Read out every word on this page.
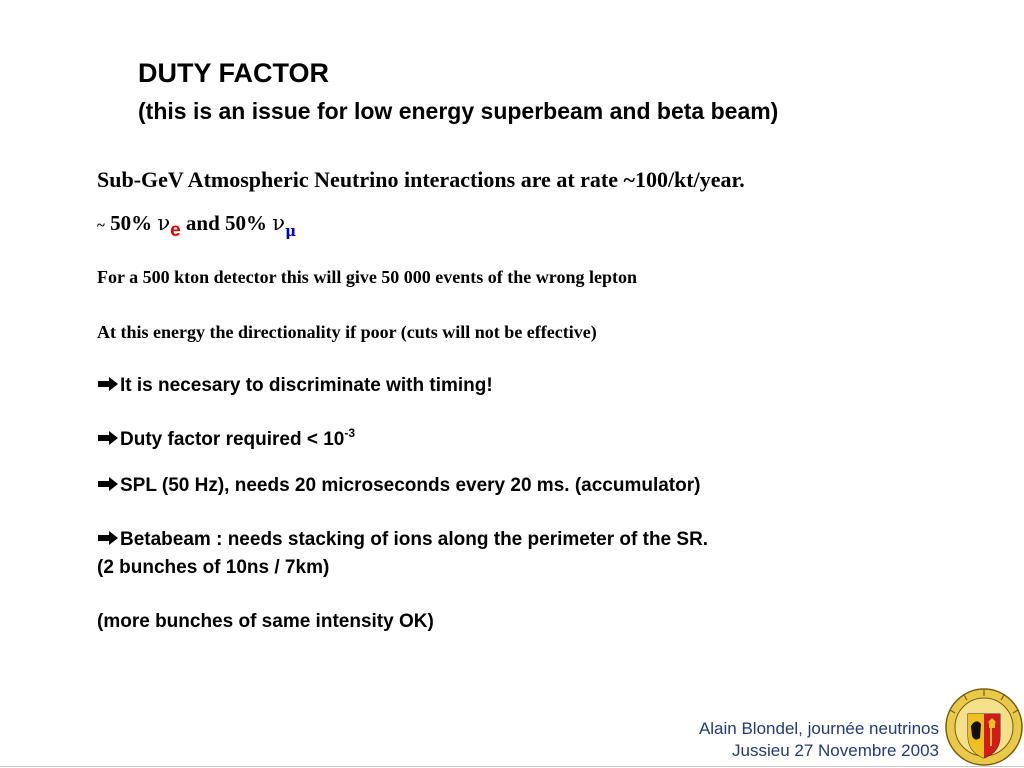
DUTY FACTOR
(this is an issue for low energy superbeam and beta beam)
Sub-GeV Atmospheric Neutrino interactions are at rate ~100/kt/year.
~ 50% νe and 50% $\nu_\mu$
For a 500 kton detector this will give 50 000 events of the wrong lepton
At this energy the directionality if poor (cuts will not be effective)
It is necesary to discriminate with timing!
Duty factor required < $10^{-3}$
SPL (50 Hz), needs 20 microseconds every 20 ms. (accumulator)
Betabeam : needs stacking of ions along the perimeter of the SR.
(2 bunches of 10ns / 7km)
(more bunches of same intensity OK)
Alain Blondel, journée neutrinos
Jussieu 27 Novembre 2003
